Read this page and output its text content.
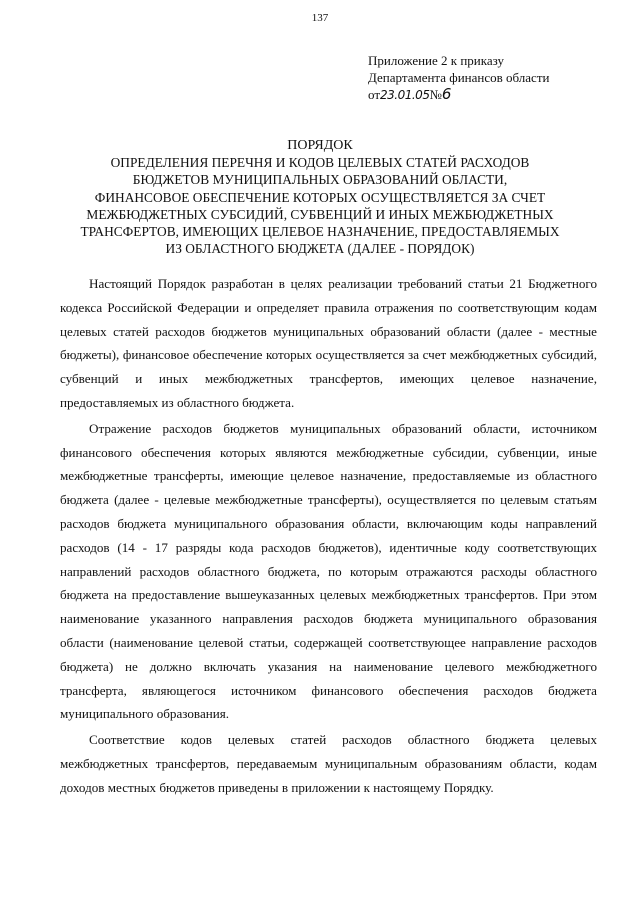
137
Приложение 2 к приказу
Департамента финансов области
от23.01.05№6
ПОРЯДОК
ОПРЕДЕЛЕНИЯ ПЕРЕЧНЯ И КОДОВ ЦЕЛЕВЫХ СТАТЕЙ РАСХОДОВ
БЮДЖЕТОВ МУНИЦИПАЛЬНЫХ ОБРАЗОВАНИЙ ОБЛАСТИ,
ФИНАНСОВОЕ ОБЕСПЕЧЕНИЕ КОТОРЫХ ОСУЩЕСТВЛЯЕТСЯ ЗА СЧЕТ
МЕЖБЮДЖЕТНЫХ СУБСИДИЙ, СУБВЕНЦИЙ И ИНЫХ МЕЖБЮДЖЕТНЫХ
ТРАНСФЕРТОВ, ИМЕЮЩИХ ЦЕЛЕВОЕ НАЗНАЧЕНИЕ, ПРЕДОСТАВЛЯЕМЫХ
ИЗ ОБЛАСТНОГО БЮДЖЕТА (ДАЛЕЕ - ПОРЯДОК)

Настоящий Порядок разработан в целях реализации требований статьи 21 Бюджетного кодекса Российской Федерации и определяет правила отражения по соответствующим кодам целевых статей расходов бюджетов муниципальных образований области (далее - местные бюджеты), финансовое обеспечение которых осуществляется за счет межбюджетных субсидий, субвенций и иных межбюджетных трансфертов, имеющих целевое назначение, предоставляемых из областного бюджета.

Отражение расходов бюджетов муниципальных образований области, источником финансового обеспечения которых являются межбюджетные субсидии, субвенции, иные межбюджетные трансферты, имеющие целевое назначение, предоставляемые из областного бюджета (далее - целевые межбюджетные трансферты), осуществляется по целевым статьям расходов бюджета муниципального образования области, включающим коды направлений расходов (14 - 17 разряды кода расходов бюджетов), идентичные коду соответствующих направлений расходов областного бюджета, по которым отражаются расходы областного бюджета на предоставление вышеуказанных целевых межбюджетных трансфертов. При этом наименование указанного направления расходов бюджета муниципального образования области (наименование целевой статьи, содержащей соответствующее направление расходов бюджета) не должно включать указания на наименование целевого межбюджетного трансферта, являющегося источником финансового обеспечения расходов бюджета муниципального образования.

Соответствие кодов целевых статей расходов областного бюджета целевых межбюджетных трансфертов, передаваемым муниципальным образованиям области, кодам доходов местных бюджетов приведены в приложении к настоящему Порядку.
